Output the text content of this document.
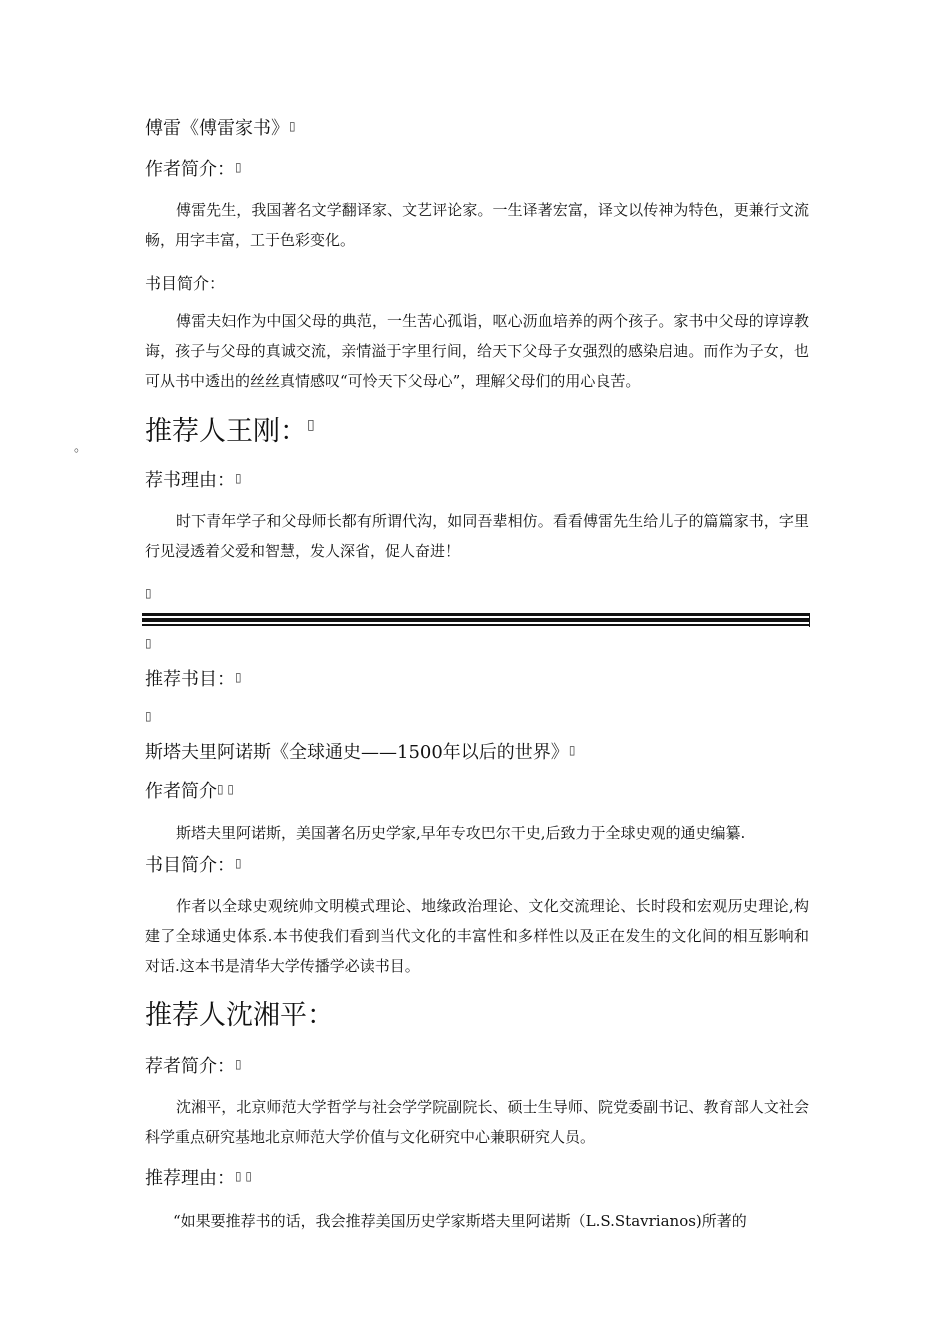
傅雷《傅雷家书》 ▯
作者简介： ▯
傅雷先生，我国著名文学翻译家、文艺评论家。一生译著宏富，译文以传神为特色，更兼行文流畅，用字丰富，工于色彩变化。
书目简介：
傅雷夫妇作为中国父母的典范，一生苦心孤诣，呕心沥血培养的两个孩子。家书中父母的谆谆教诲，孩子与父母的真诚交流，亲情溢于字里行间，给天下父母子女强烈的感染启迪。而作为子女，也可从书中透出的丝丝真情感叹“可怜天下父母心”，理解父母们的用心良苦。
。
推荐人王刚： ▯
荐书理由： ▯
时下青年学子和父母师长都有所谓代沟，如同吾辈相仿。看看傅雷先生给儿子的篇篇家书，字里行见浸透着父爱和智慧，发人深省，促人奋进！
▯
▯
推荐书目： ▯
▯
斯塔夫里阿诺斯《全球通史——1500年以后的世界》 ▯
作者简介 ▯ ▯
斯塔夫里阿诺斯，美国著名历史学家,早年专攻巴尔干史,后致力于全球史观的通史编纂.
书目简介： ▯
作者以全球史观统帅文明模式理论、地缘政治理论、文化交流理论、长时段和宏观历史理论,构建了全球通史体系.本书使我们看到当代文化的丰富性和多样性以及正在发生的文化间的相互影响和对话.这本书是清华大学传播学必读书目。
推荐人沈湘平：
荐者简介： ▯
沈湘平，北京师范大学哲学与社会学学院副院长、硕士生导师、院党委副书记、教育部人文社会科学重点研究基地北京师范大学价值与文化研究中心兼职研究人员。
推荐理由： ▯ ▯
“如果要推荐书的话，我会推荐美国历史学家斯塔夫里阿诺斯（L.S.Stavrianos)所著的
